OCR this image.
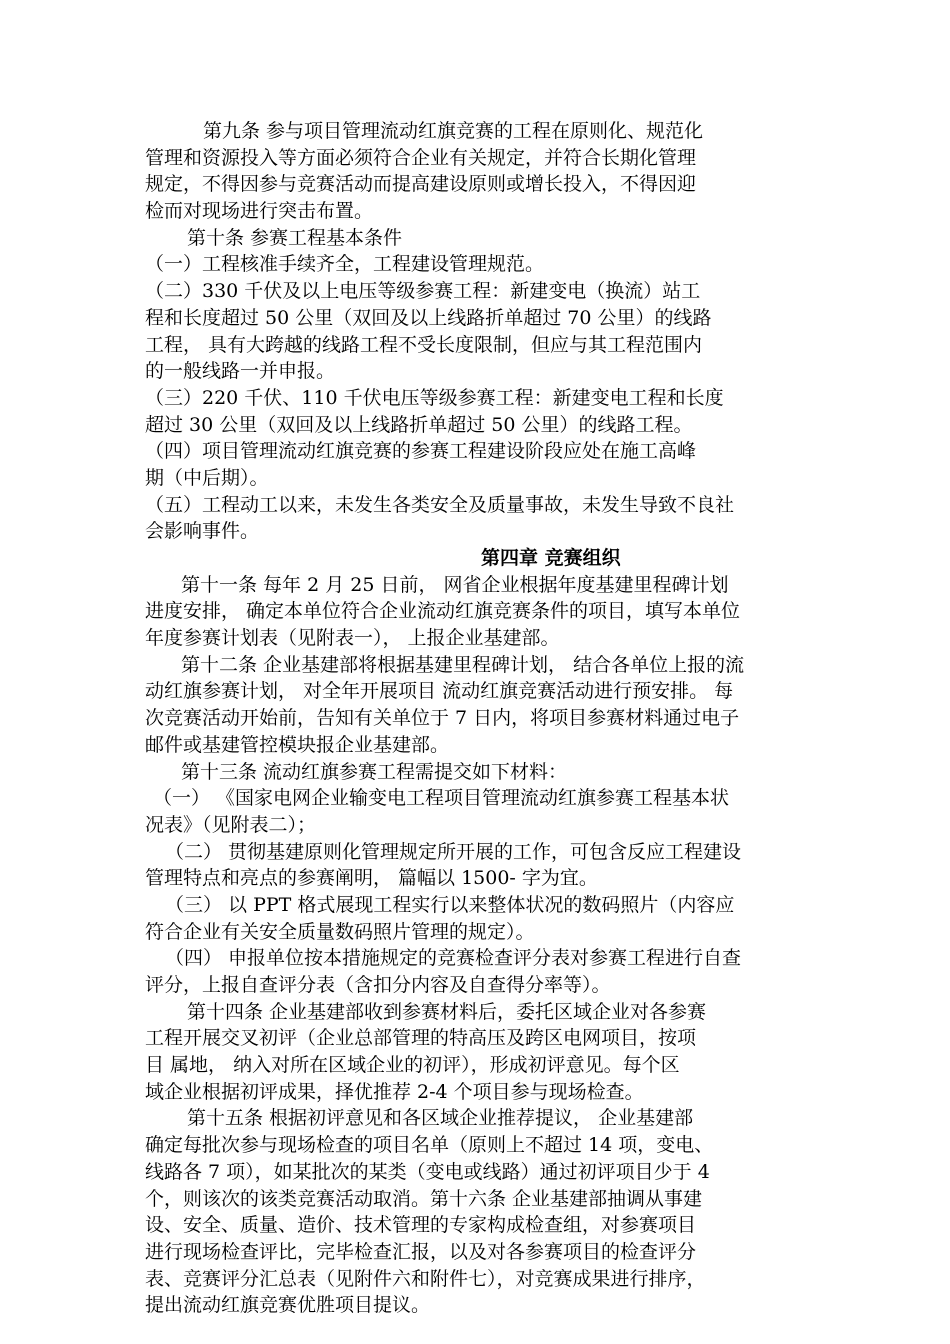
第九条 参与项目管理流动红旗竞赛的工程在原则化、规范化

管理和资源投入等方面必须符合企业有关规定，并符合长期化管理

规定，不得因参与竞赛活动而提高建设原则或增长投入，不得因迎

检而对现场进行突击布置。

第十条 参赛工程基本条件

（一）工程核准手续齐全，工程建设管理规范。

（二）330 千伏及以上电压等级参赛工程：新建变电（换流）站工

程和长度超过 50 公里（双回及以上线路折单超过 70 公里）的线路

工程， 具有大跨越的线路工程不受长度限制，但应与其工程范围内

的一般线路一并申报。

（三）220 千伏、110 千伏电压等级参赛工程：新建变电工程和长度

超过 30 公里（双回及以上线路折单超过 50 公里）的线路工程。

（四）项目管理流动红旗竞赛的参赛工程建设阶段应处在施工高峰

期（中后期）。

（五）工程动工以来，未发生各类安全及质量事故，未发生导致不良社

会影响事件。

第四章 竞赛组织

第十一条 每年 2 月 25 日前， 网省企业根据年度基建里程碑计划

进度安排， 确定本单位符合企业流动红旗竞赛条件的项目，填写本单位

年度参赛计划表（见附表一）， 上报企业基建部。

第十二条 企业基建部将根据基建里程碑计划， 结合各单位上报的流

动红旗参赛计划， 对全年开展项目 流动红旗竞赛活动进行预安排。 每

次竞赛活动开始前，告知有关单位于 7 日内，将项目参赛材料通过电子

邮件或基建管控模块报企业基建部。

第十三条 流动红旗参赛工程需提交如下材料：

（一） 《国家电网企业输变电工程项目管理流动红旗参赛工程基本状

况表》（见附表二）；

（二） 贯彻基建原则化管理规定所开展的工作，可包含反应工程建设

管理特点和亮点的参赛阐明， 篇幅以 1500- 字为宜。

（三） 以 PPT 格式展现工程实行以来整体状况的数码照片（内容应

符合企业有关安全质量数码照片管理的规定）。

（四） 申报单位按本措施规定的竞赛检查评分表对参赛工程进行自查

评分，上报自查评分表（含扣分内容及自查得分率等）。

第十四条 企业基建部收到参赛材料后，委托区域企业对各参赛

工程开展交叉初评（企业总部管理的特高压及跨区电网项目，按项

目 属地， 纳入对所在区域企业的初评），形成初评意见。每个区

域企业根据初评成果，择优推荐 2-4 个项目参与现场检查。

第十五条 根据初评意见和各区域企业推荐提议， 企业基建部

确定每批次参与现场检查的项目名单（原则上不超过 14 项，变电、

线路各 7 项），如某批次的某类（变电或线路）通过初评项目少于 4

个，则该次的该类竞赛活动取消。第十六条 企业基建部抽调从事建

设、安全、质量、造价、技术管理的专家构成检查组，对参赛项目

进行现场检查评比，完毕检查汇报，以及对各参赛项目的检查评分

表、竞赛评分汇总表（见附件六和附件七），对竞赛成果进行排序，

提出流动红旗竞赛优胜项目提议。
